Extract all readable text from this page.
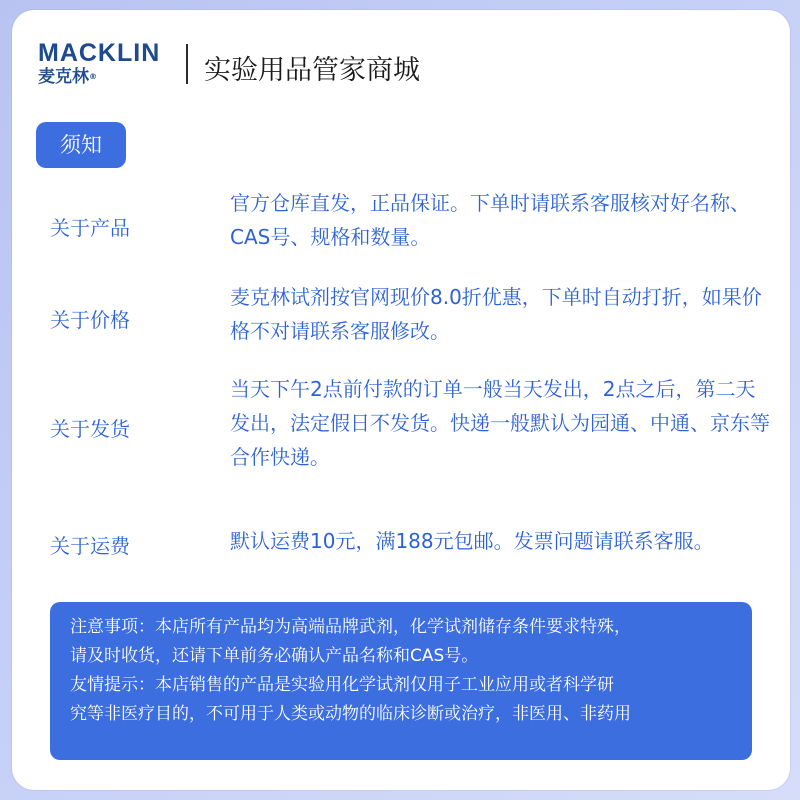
MACKLIN
麦克林®	实验用品管家商城
须知
关于产品
官方仓库直发，正品保证。下单时请联系客服核对好名称、CAS号、规格和数量。
关于价格
麦克林试剂按官网现价8.0折优惠，下单时自动打折，如果价格不对请联系客服修改。
关于发货
当天下午2点前付款的订单一般当天发出，2点之后，第二天发出，法定假日不发货。快递一般默认为园通、中通、京东等合作快递。
关于运费	默认运费10元，满188元包邮。发票问题请联系客服。
注意事项：本店所有产品均为高端品牌武剂，化学试剂储存条件要求特殊，
请及时收货，还请下单前务必确认产品名称和CAS号。
友情提示：本店销售的产品是实验用化学试剂仅用子工业应用或者科学研
究等非医疗目的，不可用于人类或动物的临床诊断或治疗，非医用、非药用
